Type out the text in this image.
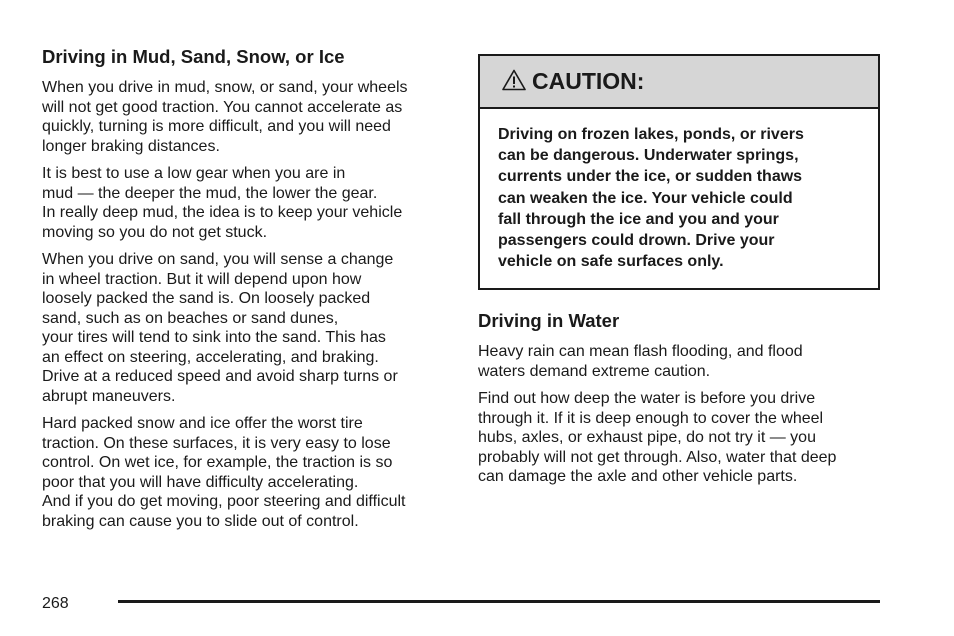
Driving in Mud, Sand, Snow, or Ice

When you drive in mud, snow, or sand, your wheels
will not get good traction. You cannot accelerate as
quickly, turning is more difficult, and you will need
longer braking distances.

It is best to use a low gear when you are in
mud — the deeper the mud, the lower the gear.
In really deep mud, the idea is to keep your vehicle
moving so you do not get stuck.

When you drive on sand, you will sense a change
in wheel traction. But it will depend upon how
loosely packed the sand is. On loosely packed
sand, such as on beaches or sand dunes,
your tires will tend to sink into the sand. This has
an effect on steering, accelerating, and braking.
Drive at a reduced speed and avoid sharp turns or
abrupt maneuvers.

Hard packed snow and ice offer the worst tire
traction. On these surfaces, it is very easy to lose
control. On wet ice, for example, the traction is so
poor that you will have difficulty accelerating.
And if you do get moving, poor steering and difficult
braking can cause you to slide out of control.

CAUTION:
Driving on frozen lakes, ponds, or rivers
can be dangerous. Underwater springs,
currents under the ice, or sudden thaws
can weaken the ice. Your vehicle could
fall through the ice and you and your
passengers could drown. Drive your
vehicle on safe surfaces only.
Driving in Water

Heavy rain can mean flash flooding, and flood
waters demand extreme caution.

Find out how deep the water is before you drive
through it. If it is deep enough to cover the wheel
hubs, axles, or exhaust pipe, do not try it — you
probably will not get through. Also, water that deep
can damage the axle and other vehicle parts.

268
